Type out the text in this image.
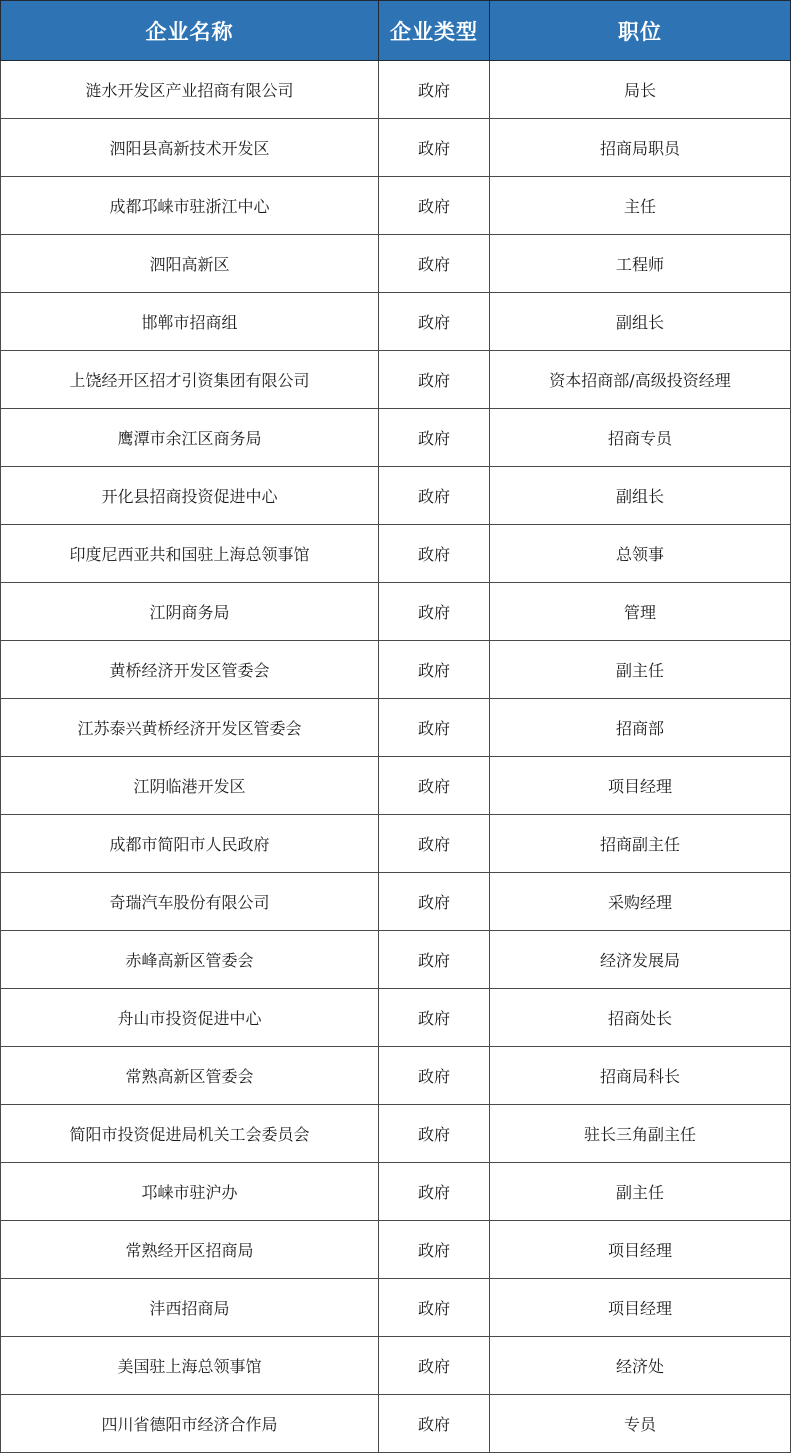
企业名称	企业类型	职位
涟水开发区产业招商有限公司	政府	局长
泗阳县高新技术开发区	政府	招商局职员
成都邛崃市驻浙江中心	政府	主任
泗阳高新区	政府	工程师
邯郸市招商组	政府	副组长
上饶经开区招才引资集团有限公司	政府	资本招商部/高级投资经理
鹰潭市余江区商务局	政府	招商专员
开化县招商投资促进中心	政府	副组长
印度尼西亚共和国驻上海总领事馆	政府	总领事
江阴商务局	政府	管理
黄桥经济开发区管委会	政府	副主任
江苏泰兴黄桥经济开发区管委会	政府	招商部
江阴临港开发区	政府	项目经理
成都市简阳市人民政府	政府	招商副主任
奇瑞汽车股份有限公司	政府	采购经理
赤峰高新区管委会	政府	经济发展局
舟山市投资促进中心	政府	招商处长
常熟高新区管委会	政府	招商局科长
简阳市投资促进局机关工会委员会	政府	驻长三角副主任
邛崃市驻沪办	政府	副主任
常熟经开区招商局	政府	项目经理
沣西招商局	政府	项目经理
美国驻上海总领事馆	政府	经济处
四川省德阳市经济合作局	政府	专员
